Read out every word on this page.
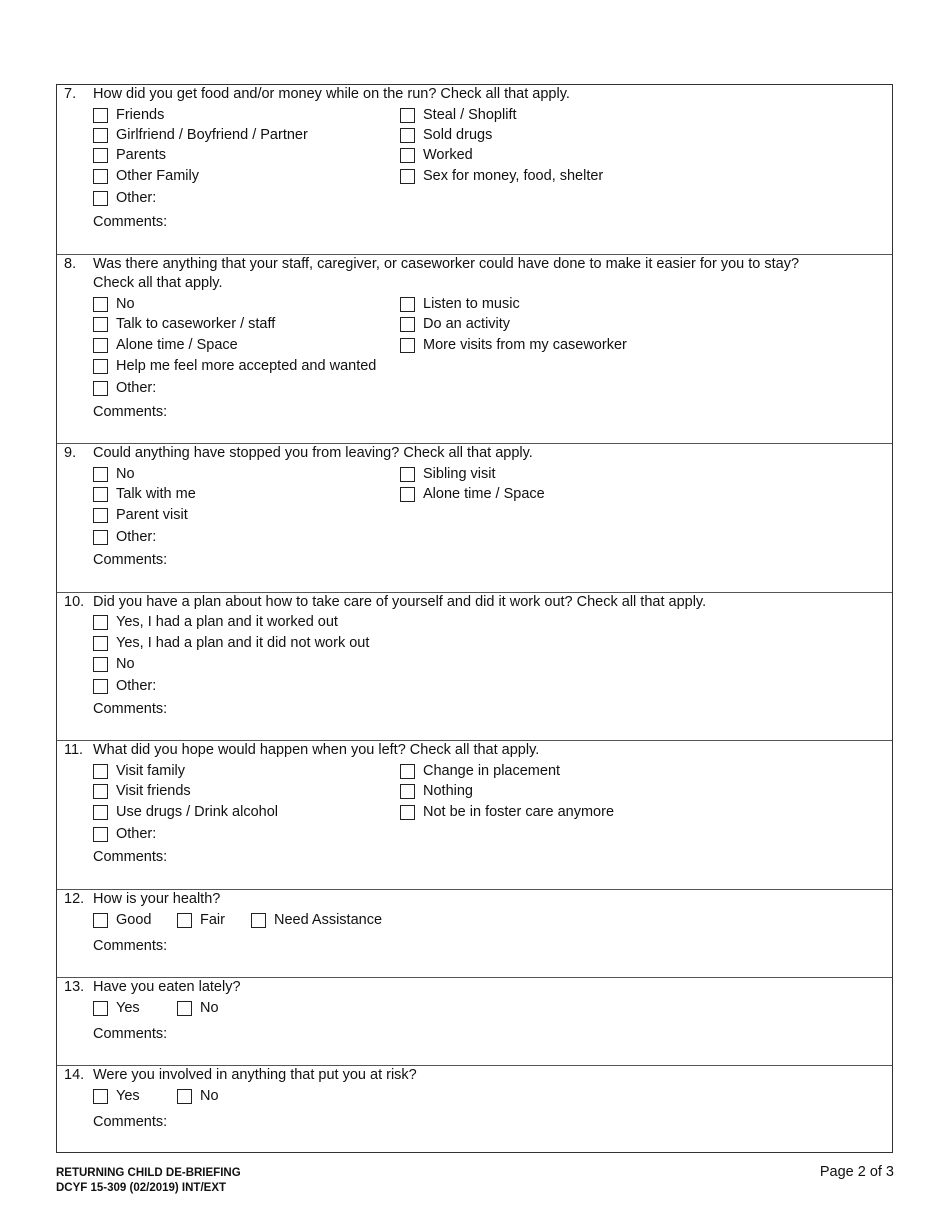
7. How did you get food and/or money while on the run? Check all that apply.
Friends
Girlfriend / Boyfriend / Partner
Parents
Other Family
Other:
Steal / Shoplift
Sold drugs
Worked
Sex for money, food, shelter
Comments:
8. Was there anything that your staff, caregiver, or caseworker could have done to make it easier for you to stay?
Check all that apply.
No
Talk to caseworker / staff
Alone time / Space
Help me feel more accepted and wanted
Other:
Listen to music
Do an activity
More visits from my caseworker
Comments:
9. Could anything have stopped you from leaving? Check all that apply.
No
Talk with me
Parent visit
Other:
Sibling visit
Alone time / Space
Comments:
10. Did you have a plan about how to take care of yourself and did it work out? Check all that apply.
Yes, I had a plan and it worked out
Yes, I had a plan and it did not work out
No
Other:
Comments:
11. What did you hope would happen when you left? Check all that apply.
Visit family
Visit friends
Use drugs / Drink alcohol
Other:
Change in placement
Nothing
Not be in foster care anymore
Comments:
12. How is your health?
Good	Fair	Need Assistance
Comments:
13. Have you eaten lately?
Yes	No
Comments:
14. Were you involved in anything that put you at risk?
Yes	No
Comments:
RETURNING CHILD DE-BRIEFING
DCYF 15-309 (02/2019) INT/EXT
Page 2 of 3
